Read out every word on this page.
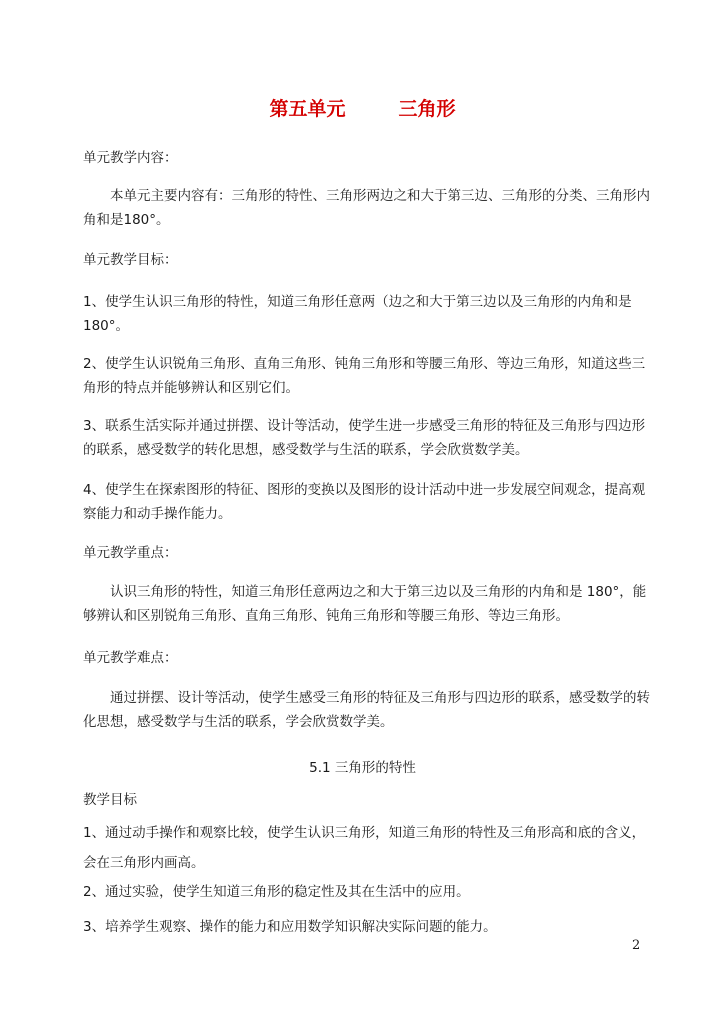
第五单元        三角形

单元教学内容：

本单元主要内容有：三角形的特性、三角形两边之和大于第三边、三角形的分类、三角形内角和是180°。

单元教学目标：

1、使学生认识三角形的特性，知道三角形任意两（边之和大于第三边以及三角形的内角和是 180°。

2、使学生认识锐角三角形、直角三角形、钝角三角形和等腰三角形、等边三角形，知道这些三角形的特点并能够辨认和区别它们。

3、联系生活实际并通过拼摆、设计等活动，使学生进一步感受三角形的特征及三角形与四边形的联系，感受数学的转化思想，感受数学与生活的联系，学会欣赏数学美。

4、使学生在探索图形的特征、图形的变换以及图形的设计活动中进一步发展空间观念，提高观察能力和动手操作能力。

单元教学重点：

认识三角形的特性，知道三角形任意两边之和大于第三边以及三角形的内角和是 180°，能够辨认和区别锐角三角形、直角三角形、钝角三角形和等腰三角形、等边三角形。

单元教学难点：

通过拼摆、设计等活动，使学生感受三角形的特征及三角形与四边形的联系，感受数学的转化思想，感受数学与生活的联系，学会欣赏数学美。

5.1 三角形的特性

教学目标

1、通过动手操作和观察比较，使学生认识三角形，知道三角形的特性及三角形高和底的含义，会在三角形内画高。

2、通过实验，使学生知道三角形的稳定性及其在生活中的应用。

3、培养学生观察、操作的能力和应用数学知识解决实际问题的能力。

2
